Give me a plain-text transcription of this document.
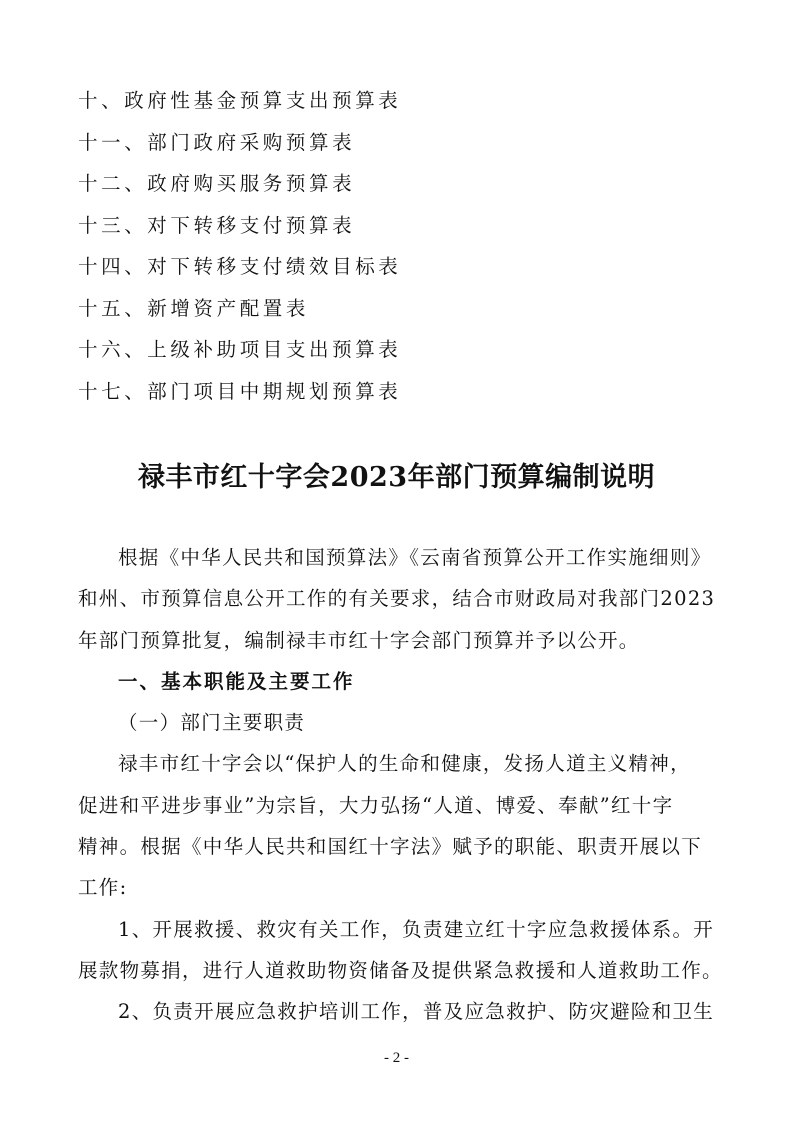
十、政府性基金预算支出预算表
十一、部门政府采购预算表
十二、政府购买服务预算表
十三、对下转移支付预算表
十四、对下转移支付绩效目标表
十五、新增资产配置表
十六、上级补助项目支出预算表
十七、部门项目中期规划预算表
禄丰市红十字会2023年部门预算编制说明
根据《中华人民共和国预算法》《云南省预算公开工作实施细则》
和州、市预算信息公开工作的有关要求，结合市财政局对我部门2023
年部门预算批复，编制禄丰市红十字会部门预算并予以公开。
一、基本职能及主要工作
（一）部门主要职责
禄丰市红十字会以“保护人的生命和健康，发扬人道主义精神，
促进和平进步事业”为宗旨，大力弘扬“人道、博爱、奉献”红十字
精神。根据《中华人民共和国红十字法》赋予的职能、职责开展以下
工作:
1、开展救援、救灾有关工作，负责建立红十字应急救援体系。开
展款物募捐，进行人道救助物资储备及提供紧急救援和人道救助工作。
2、负责开展应急救护培训工作，普及应急救护、防灾避险和卫生
- 2 -
